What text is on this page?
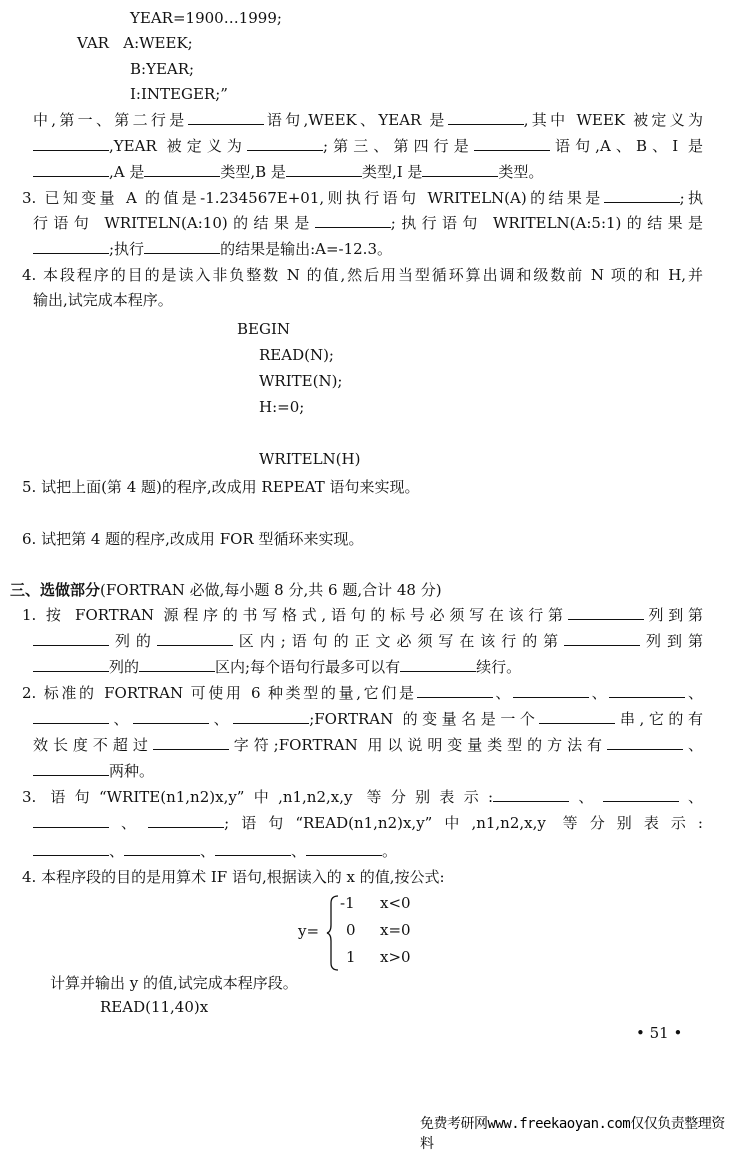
YEAR=1900…1999;
VAR   A:WEEK;
B:YEAR;
I:INTEGER;”
中,第一、第二行是	语句,WEEK、YEAR 是	,其中 WEEK 被定义为
,YEAR 被定义为	;第三、第四行是	语句,A、B、I 是
,A 是	类型,B 是	类型,I 是	类型。
3. 已知变量 A 的值是-1.234567E+01,则执行语句 WRITELN(A)的结果是	;执
行语句 WRITELN(A:10)的结果是	;执行语句 WRITELN(A:5:1)的结果是
;执行	的结果是输出:A=-12.3。
4. 本段程序的目的是读入非负整数 N 的值,然后用当型循环算出调和级数前 N 项的和 H,并
输出,试完成本程序。
BEGIN
READ(N);
WRITE(N);
H:=0;
WRITELN(H)
5. 试把上面(第 4 题)的程序,改成用 REPEAT 语句来实现。
6. 试把第 4 题的程序,改成用 FOR 型循环来实现。
三、选做部分(FORTRAN 必做,每小题 8 分,共 6 题,合计 48 分)
1. 按 FORTRAN 源程序的书写格式,语句的标号必须写在该行第	列到第
列的	区内;语句的正文必须写在该行的第	列到第
列的	区内;每个语句行最多可以有	续行。
2. 标准的 FORTRAN 可使用 6 种类型的量,它们是	、	、	、
、	、	;FORTRAN 的变量名是一个	串,它的有
效长度不超过	字符;FORTRAN 用以说明变量类型的方法有	、
两种。
3. 语句“WRITE(n1,n2)x,y”中,n1,n2,x,y 等分别表示:	、	、
、	;语句“READ(n1,n2)x,y”中,n1,n2,x,y 等分别表示:
、	、	、	。
4. 本程序段的目的是用算术 IF 语句,根据读入的 x 的值,按公式:
计算并输出 y 的值,试完成本程序段。
READ(11,40)x
y=
-1 x<0
0 x=0
1 x>0
• 51 •
免费考研网www.freekaoyan.com仅仅负责整理资料
